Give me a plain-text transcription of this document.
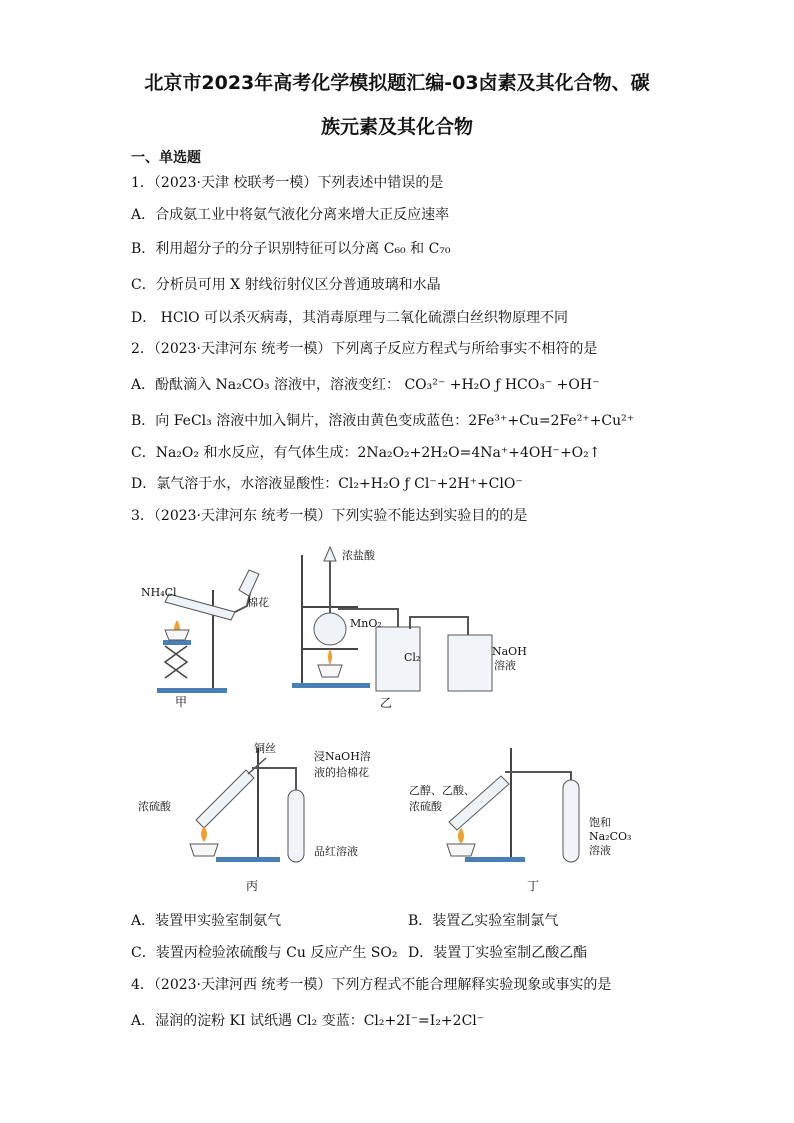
北京市2023年高考化学模拟题汇编-03卤素及其化合物、碳
族元素及其化合物
一、单选题
1．（2023·天津 校联考一模）下列表述中错误的是
A．合成氨工业中将氨气液化分离来增大正反应速率
B．利用超分子的分子识别特征可以分离 C₆₀ 和 C₇₀
C．分析员可用 X 射线衍射仪区分普通玻璃和水晶
D． HClO 可以杀灭病毒，其消毒原理与二氧化硫漂白丝织物原理不同
2．（2023·天津河东 统考一模）下列离子反应方程式与所给事实不相符的是
A．酚酞滴入 Na₂CO₃ 溶液中，溶液变红： CO₃²⁻ +H₂O ƒ HCO₃⁻ +OH⁻
B．向 FeCl₃ 溶液中加入铜片，溶液由黄色变成蓝色：2Fe³⁺+Cu=2Fe²⁺+Cu²⁺
C．Na₂O₂ 和水反应，有气体生成：2Na₂O₂+2H₂O=4Na⁺+4OH⁻+O₂↑
D．氯气溶于水，水溶液显酸性：Cl₂+H₂O ƒ Cl⁻+2H⁺+ClO⁻
3．（2023·天津河东 统考一模）下列实验不能达到实验目的的是
NH₄Cl
棉花
甲
浓盐酸
MnO₂
Cl₂	NaOH
溶液
乙
铜丝
浓硫酸
浸NaOH溶
液的拾棉花
品红溶液
丙
乙醇、乙酸、
浓硫酸
饱和
Na₂CO₃
溶液
丁
A．装置甲实验室制氨气	B．装置乙实验室制氯气
C．装置丙检验浓硫酸与 Cu 反应产生 SO₂ D．装置丁实验室制乙酸乙酯
4．（2023·天津河西 统考一模）下列方程式不能合理解释实验现象或事实的是
A．湿润的淀粉 KI 试纸遇 Cl₂ 变蓝：Cl₂+2I⁻=I₂+2Cl⁻
